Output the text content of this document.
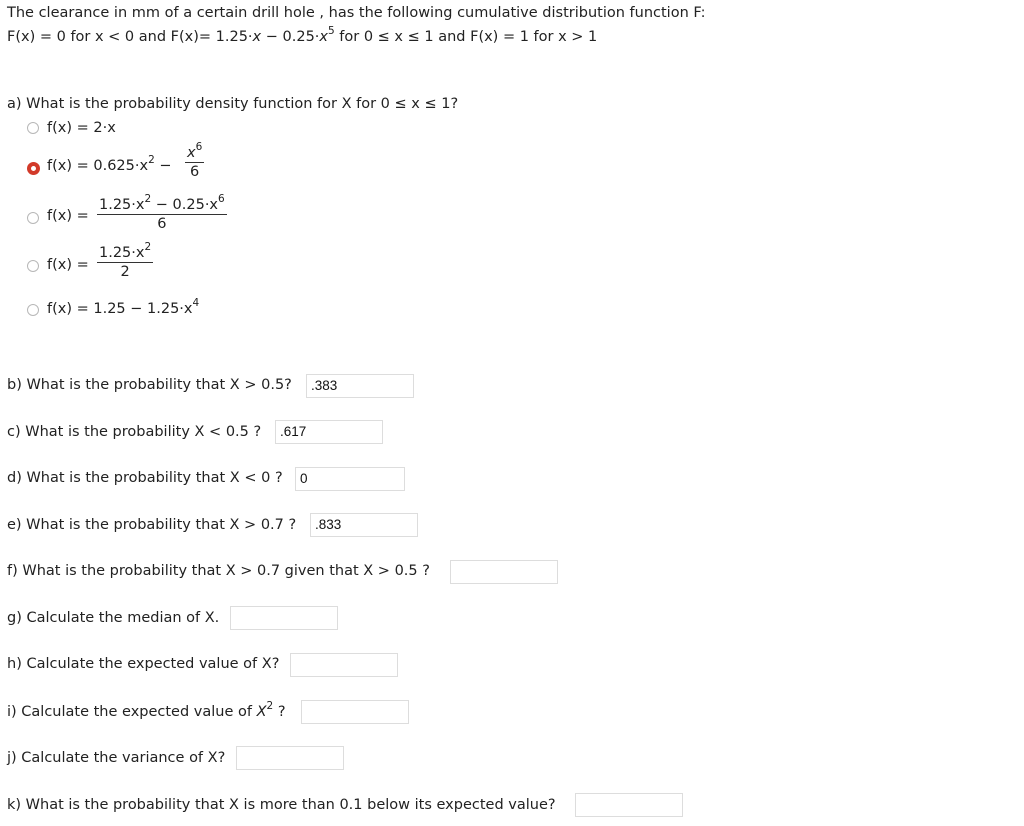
The clearance in mm of a certain drill hole , has the following cumulative distribution function F:
F(x) = 0 for x < 0 and $F(x)= 1.25\cdot x - 0.25\cdot x^5$ for 0 ≤ x ≤ 1 and F(x) = 1 for x > 1
a) What is the probability density function for X for 0 ≤ x ≤ 1?
f(x) = 2·x
$f(x) = 0.625\cdot x^2 - \frac{x^6}{6}$
$f(x) = \frac{1.25\cdot x^2 - 0.25\cdot x^6}{6}$
$f(x) = \frac{1.25\cdot x^2}{2}$
$f(x) = 1.25 - 1.25\cdot x^4$
b) What is the probability that X > 0.5?	.383
c) What is the probability X < 0.5 ?	.617
d) What is the probability that X < 0 ?	0
e) What is the probability that X > 0.7 ?	.833
f) What is the probability that X > 0.7 given that X > 0.5 ?
g) Calculate the median of X.
h) Calculate the expected value of X?
i) Calculate the expected value of $X^2$ ?
j) Calculate the variance of X?
k) What is the probability that X is more than 0.1 below its expected value?
